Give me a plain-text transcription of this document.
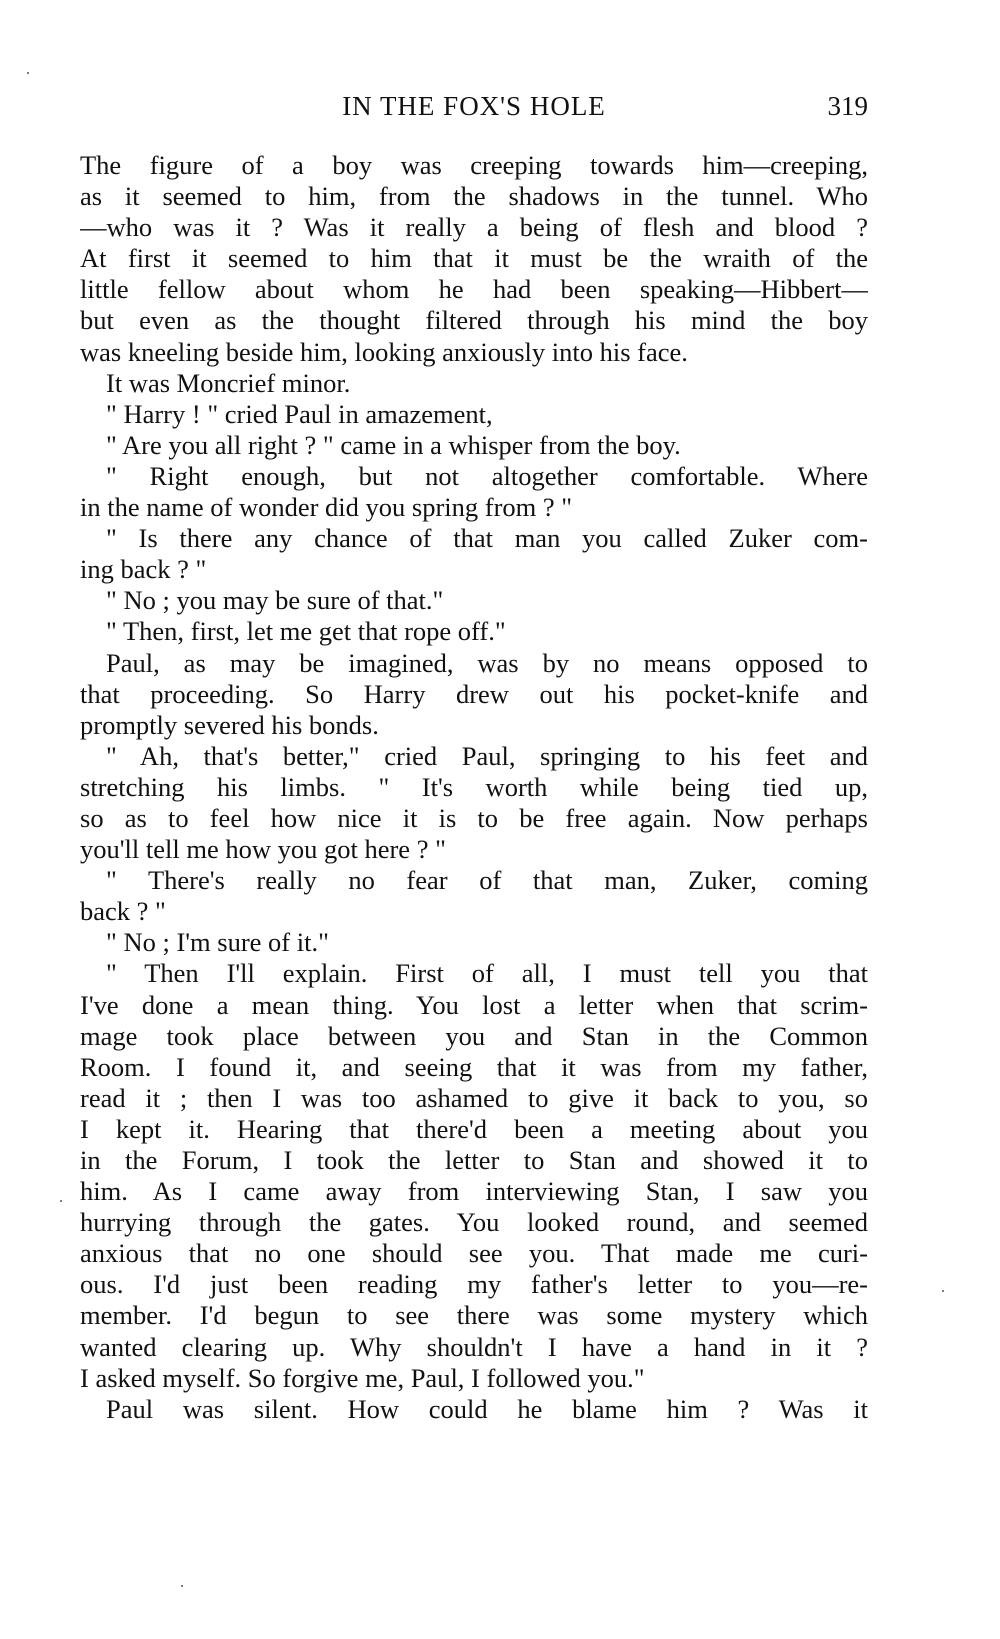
IN THE FOX'S HOLE	319
The figure of a boy was creeping towards him—creeping,
as it seemed to him, from the shadows in the tunnel. Who
—who was it ? Was it really a being of flesh and blood ?
At first it seemed to him that it must be the wraith of the
little fellow about whom he had been speaking—Hibbert—
but even as the thought filtered through his mind the boy
was kneeling beside him, looking anxiously into his face.
It was Moncrief minor.
" Harry ! " cried Paul in amazement,
" Are you all right ? " came in a whisper from the boy.
" Right enough, but not altogether comfortable. Where
in the name of wonder did you spring from ? "
" Is there any chance of that man you called Zuker com-
ing back ? "
" No ; you may be sure of that."
" Then, first, let me get that rope off."
Paul, as may be imagined, was by no means opposed to
that proceeding. So Harry drew out his pocket-knife and
promptly severed his bonds.
" Ah, that's better," cried Paul, springing to his feet and
stretching his limbs. " It's worth while being tied up,
so as to feel how nice it is to be free again. Now perhaps
you'll tell me how you got here ? "
" There's really no fear of that man, Zuker, coming
back ? "
" No ; I'm sure of it."
" Then I'll explain. First of all, I must tell you that
I've done a mean thing. You lost a letter when that scrim-
mage took place between you and Stan in the Common
Room. I found it, and seeing that it was from my father,
read it ; then I was too ashamed to give it back to you, so
I kept it. Hearing that there'd been a meeting about you
in the Forum, I took the letter to Stan and showed it to
him. As I came away from interviewing Stan, I saw you
hurrying through the gates. You looked round, and seemed
anxious that no one should see you. That made me curi-
ous. I'd just been reading my father's letter to you—re-
member. I'd begun to see there was some mystery which
wanted clearing up. Why shouldn't I have a hand in it ?
I asked myself. So forgive me, Paul, I followed you."
Paul was silent. How could he blame him ? Was it
